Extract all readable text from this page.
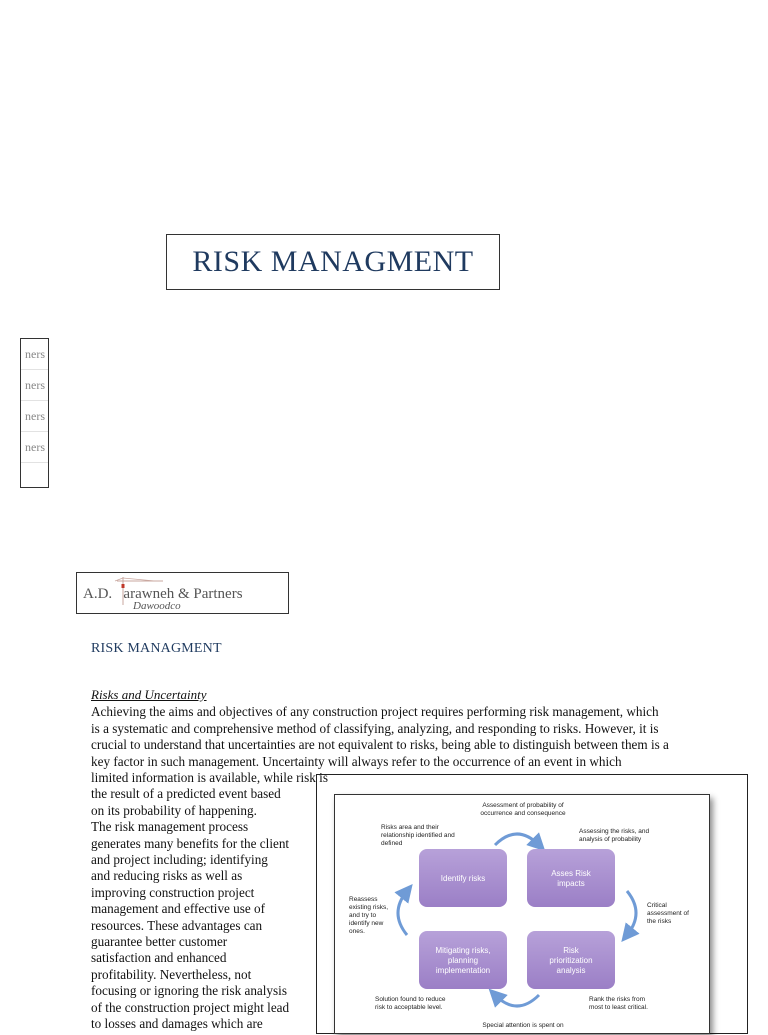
RISK MANAGMENT
ners
ners
ners
ners
A.D. arawneh & Partners
Dawoodco
RISK MANAGMENT
Risks and Uncertainty
Achieving the aims and objectives of any construction project requires performing risk management, which
is a systematic and comprehensive method of classifying, analyzing, and responding to risks. However, it is
crucial to understand that uncertainties are not equivalent to risks, being able to distinguish between them is a
key factor in such management. Uncertainty will always refer to the occurrence of an event in which
limited information is available, while risk is
the result of a predicted event based
on its probability of happening.
The risk management process
generates many benefits for the client
and project including; identifying
and reducing risks as well as
improving construction project
management and effective use of
resources. These advantages can
guarantee better customer
satisfaction and enhanced
profitability. Nevertheless, not
focusing or ignoring the risk analysis
of the construction project might lead
to losses and damages which are
Identify risks
Asses Risk
impacts
Mitigating risks,
planning
implementation
Risk
prioritization
analysis
Assessment of probability of
occurrence and consequence
Risks area and their
relationship identified and
defined
Assessing the risks, and
analysis of probability
Reassess
existing risks,
and try to
identify new
ones.
Critical
assessment of
the risks
Solution found to reduce
risk to acceptable level.
Rank the risks from
most to least critical.
Special attention is spent on
